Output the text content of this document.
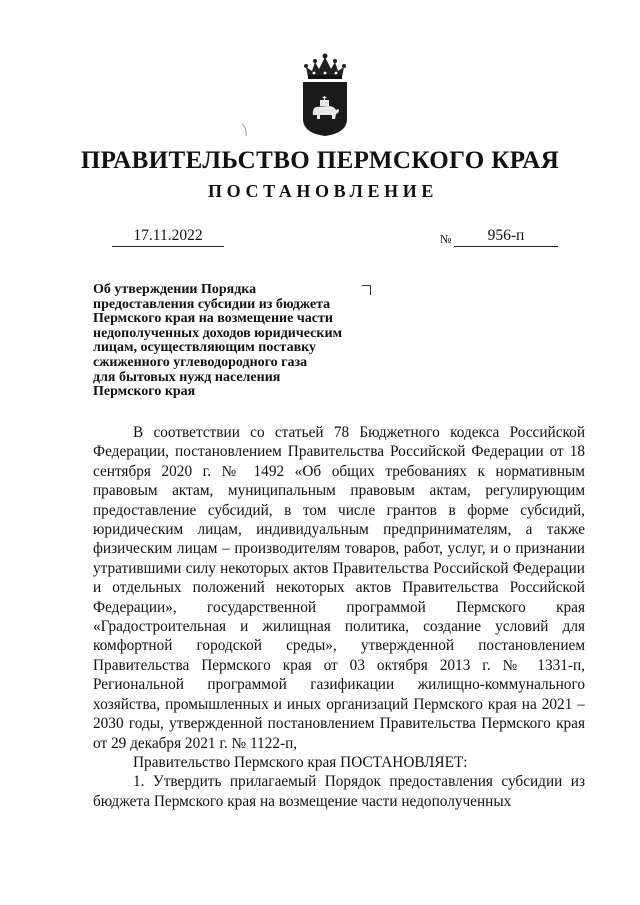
ПРАВИТЕЛЬСТВО ПЕРМСКОГО КРАЯ
ПОСТАНОВЛЕНИЕ
17.11.2022	№	956-п
Об утверждении Порядка
предоставления субсидии из бюджета
Пермского края на возмещение части
недополученных доходов юридическим
лицам, осуществляющим поставку
сжиженного углеводородного газа
для бытовых нужд населения
Пермского края

В соответствии со статьей 78 Бюджетного кодекса Российской Федерации, постановлением Правительства Российской Федерации от 18 сентября 2020 г. № 1492 «Об общих требованиях к нормативным правовым актам, муниципальным правовым актам, регулирующим предоставление субсидий, в том числе грантов в форме субсидий, юридическим лицам, индивидуальным предпринимателям, а также физическим лицам – производителям товаров, работ, услуг, и о признании утратившими силу некоторых актов Правительства Российской Федерации и отдельных положений некоторых актов Правительства Российской Федерации», государственной программой Пермского края «Градостроительная и жилищная политика, создание условий для комфортной городской среды», утвержденной постановлением Правительства Пермского края от 03 октября 2013 г. № 1331-п, Региональной программой газификации жилищно-коммунального хозяйства, промышленных и иных организаций Пермского края на 2021 – 2030 годы, утвержденной постановлением Правительства Пермского края от 29 декабря 2021 г. № 1122-п,

Правительство Пермского края ПОСТАНОВЛЯЕТ:

1. Утвердить прилагаемый Порядок предоставления субсидии из бюджета Пермского края на возмещение части недополученных
